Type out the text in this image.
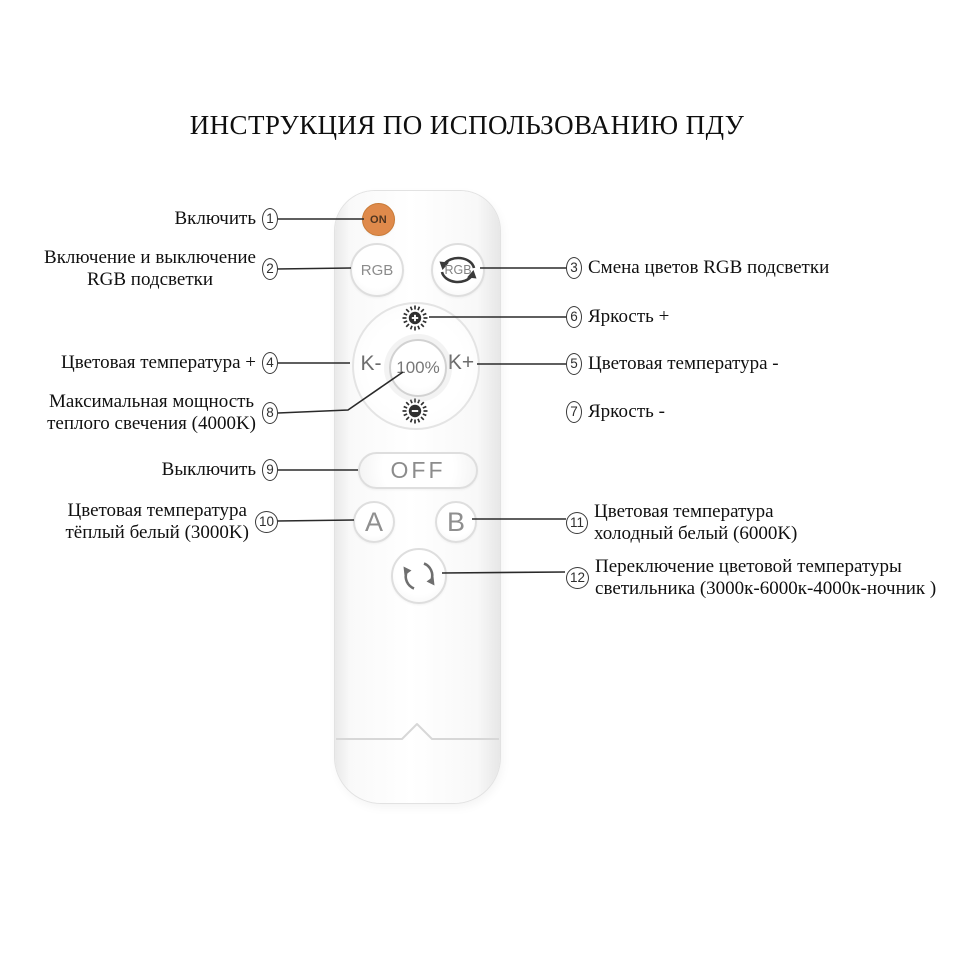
ИНСТРУКЦИЯ ПО ИСПОЛЬЗОВАНИЮ ПДУ
ON
RGB	RGB
K-	K+
100%
OFF
A	B
Включить 1
Включение и выключение
RGB подсветки
2
Цветовая температура + 4
Максимальная мощность
теплого свечения (4000K)
8
Выключить 9
Цветовая температура
тёплый белый (3000K)
10
3 Смена цветов RGB подсветки
6 Яркость +
5 Цветовая температура -
7 Яркость -
11
Цветовая температура
холодный белый (6000K)
12
Переключение цветовой температуры
светильника (3000к-6000к-4000к-ночник )
